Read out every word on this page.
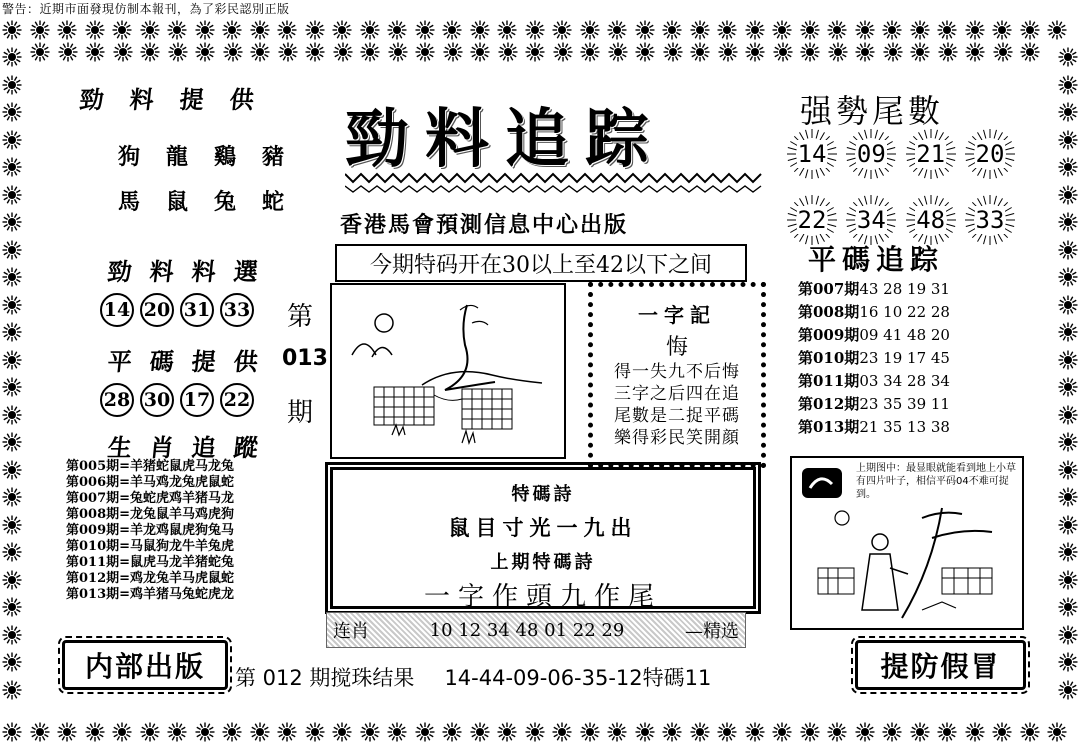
警告：近期市面發現仿制本報刊，為了彩民認別正版
勁料提供
狗龍鷄豬
馬鼠兔蛇
勁料料選
14 20 31 33
平碼提供
28 30 17 22
生肖追蹤
第005期=羊猪蛇鼠虎马龙兔
第006期=羊马鸡龙兔虎鼠蛇
第007期=兔蛇虎鸡羊猪马龙
第008期=龙兔鼠羊马鸡虎狗
第009期=羊龙鸡鼠虎狗兔马
第010期=马鼠狗龙牛羊兔虎
第011期=鼠虎马龙羊猪蛇兔
第012期=鸡龙兔羊马虎鼠蛇
第013期=鸡羊猪马兔蛇虎龙
内部出版
勁料追踪
香港馬會預測信息中心出版
今期特码开在30以上至42以下之间
第
013
期
一字記
悔
得一失九不后悔
三字之后四在追
尾數是二捉平碼
樂得彩民笑開顔
特碼詩
鼠目寸光一九出
上期特碼詩
一字作頭九作尾
连肖	10 12 34 48 01 22 29	—精选
第 012 期搅珠结果 14-44-09-06-35-12特碼11
强勢尾數
14 09 21 20
22 34 48 33
平碼追踪
第007期43 28 19 31
第008期16 10 22 28
第009期09 41 48 20
第010期23 19 17 45
第011期03 34 28 34
第012期23 35 39 11
第013期21 35 13 38
上期图中：最显眼就能看到地上小草有四片叶子，相信平码04不难可捉到。
提防假冒
